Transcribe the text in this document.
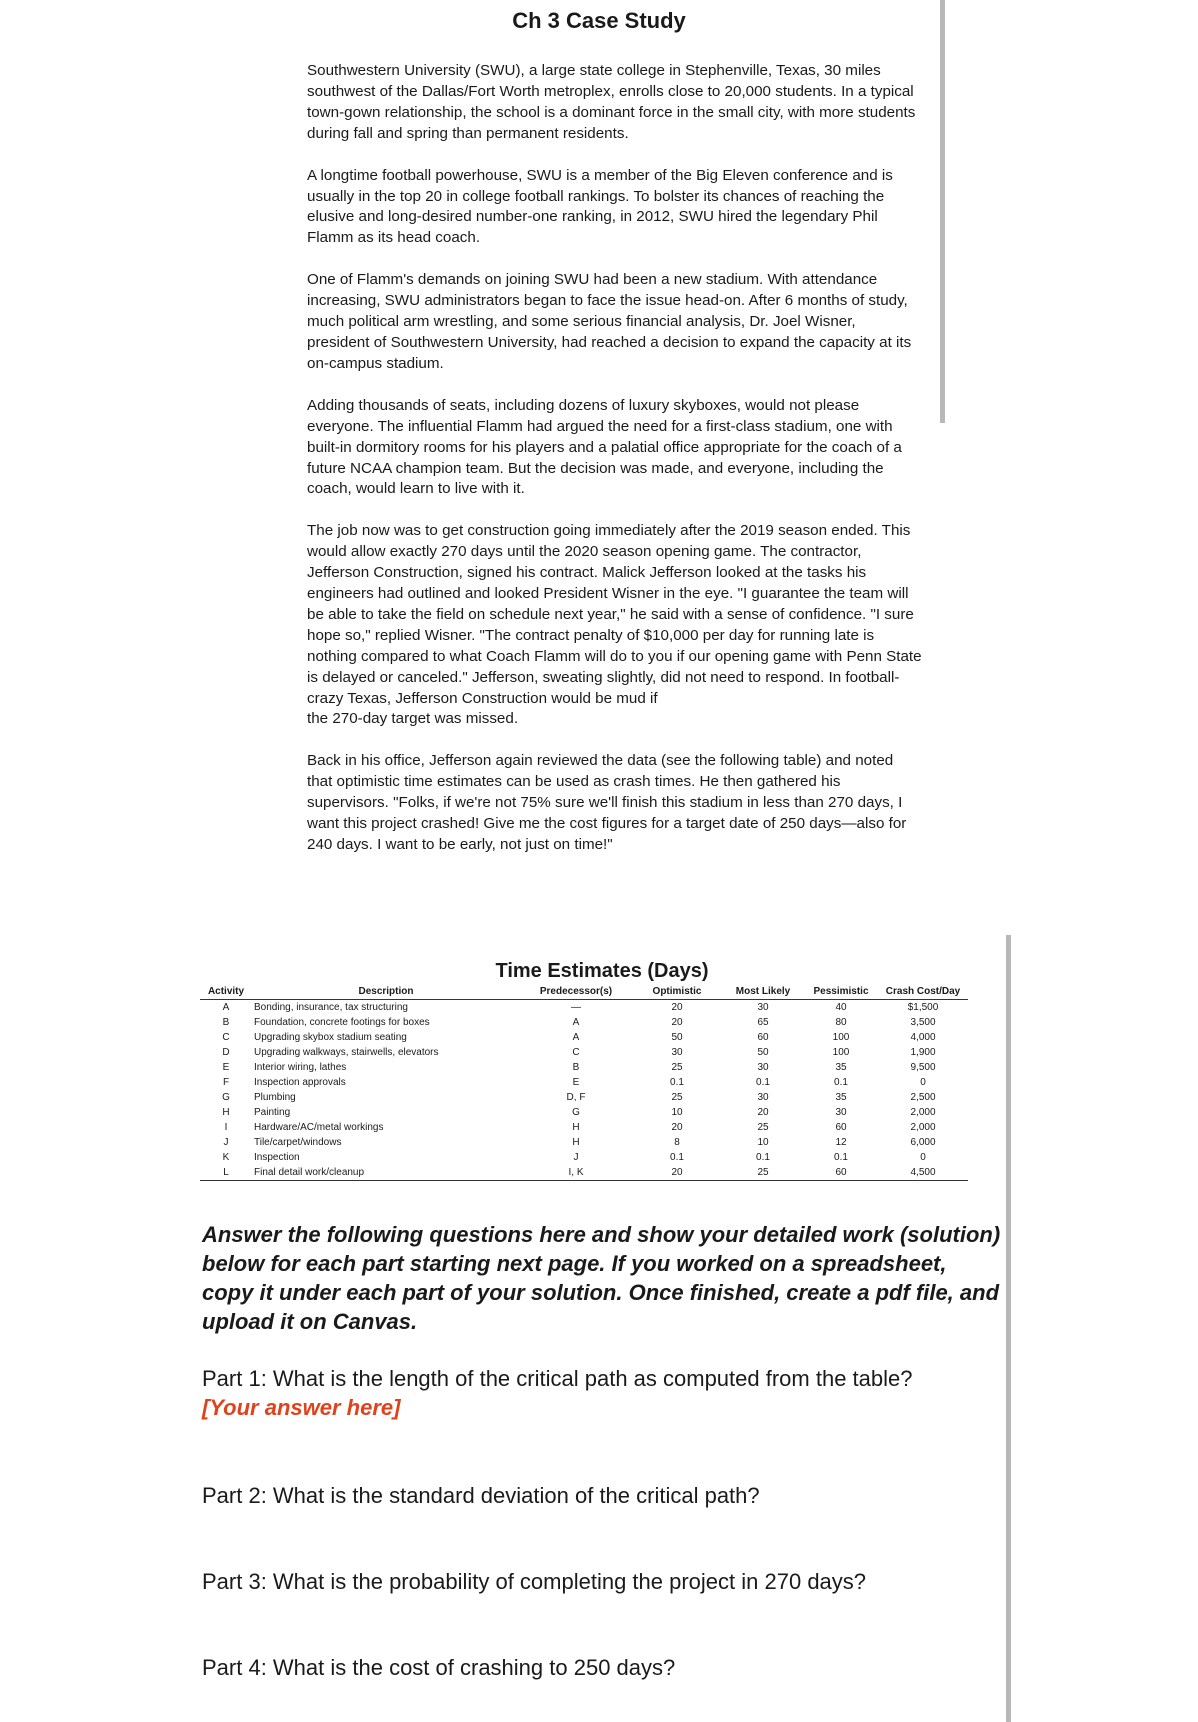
Ch 3 Case Study

Southwestern University (SWU), a large state college in Stephenville, Texas, 30 miles southwest of the Dallas/Fort Worth metroplex, enrolls close to 20,000 students. In a typical town-gown relationship, the school is a dominant force in the small city, with more students during fall and spring than permanent residents.

A longtime football powerhouse, SWU is a member of the Big Eleven conference and is usually in the top 20 in college football rankings. To bolster its chances of reaching the elusive and long-desired number-one ranking, in 2012, SWU hired the legendary Phil Flamm as its head coach.

One of Flamm's demands on joining SWU had been a new stadium. With attendance increasing, SWU administrators began to face the issue head-on. After 6 months of study, much political arm wrestling, and some serious financial analysis, Dr. Joel Wisner, president of Southwestern University, had reached a decision to expand the capacity at its on-campus stadium.

Adding thousands of seats, including dozens of luxury skyboxes, would not please everyone. The influential Flamm had argued the need for a first-class stadium, one with built-in dormitory rooms for his players and a palatial office appropriate for the coach of a future NCAA champion team. But the decision was made, and everyone, including the coach, would learn to live with it.

The job now was to get construction going immediately after the 2019 season ended. This would allow exactly 270 days until the 2020 season opening game. The contractor, Jefferson Construction, signed his contract. Malick Jefferson looked at the tasks his engineers had outlined and looked President Wisner in the eye. "I guarantee the team will be able to take the field on schedule next year," he said with a sense of confidence. "I sure hope so," replied Wisner. "The contract penalty of $10,000 per day for running late is nothing compared to what Coach Flamm will do to you if our opening game with Penn State is delayed or canceled." Jefferson, sweating slightly, did not need to respond. In football-crazy Texas, Jefferson Construction would be mud if

the 270-day target was missed.

Back in his office, Jefferson again reviewed the data (see the following table) and noted that optimistic time estimates can be used as crash times. He then gathered his supervisors. "Folks, if we're not 75% sure we'll finish this stadium in less than 270 days, I want this project crashed! Give me the cost figures for a target date of 250 days—also for 240 days. I want to be early, not just on time!"

Time Estimates (Days)
Activity	Description	Predecessor(s)	Optimistic	Most Likely	Pessimistic	Crash Cost/Day
A	Bonding, insurance, tax structuring	—	20	30	40	$1,500
B	Foundation, concrete footings for boxes	A	20	65	80	3,500
C	Upgrading skybox stadium seating	A	50	60	100	4,000
D	Upgrading walkways, stairwells, elevators	C	30	50	100	1,900
E	Interior wiring, lathes	B	25	30	35	9,500
F	Inspection approvals	E	0.1	0.1	0.1	0
G	Plumbing	D, F	25	30	35	2,500
H	Painting	G	10	20	30	2,000
I	Hardware/AC/metal workings	H	20	25	60	2,000
J	Tile/carpet/windows	H	8	10	12	6,000
K	Inspection	J	0.1	0.1	0.1	0
L	Final detail work/cleanup	I, K	20	25	60	4,500
Answer the following questions here and show your detailed work (solution) below for each part starting next page. If you worked on a spreadsheet, copy it under each part of your solution. Once finished, create a pdf file, and upload it on Canvas.
Part 1: What is the length of the critical path as computed from the table?
[Your answer here]
Part 2: What is the standard deviation of the critical path?
Part 3: What is the probability of completing the project in 270 days?
Part 4: What is the cost of crashing to 250 days?
